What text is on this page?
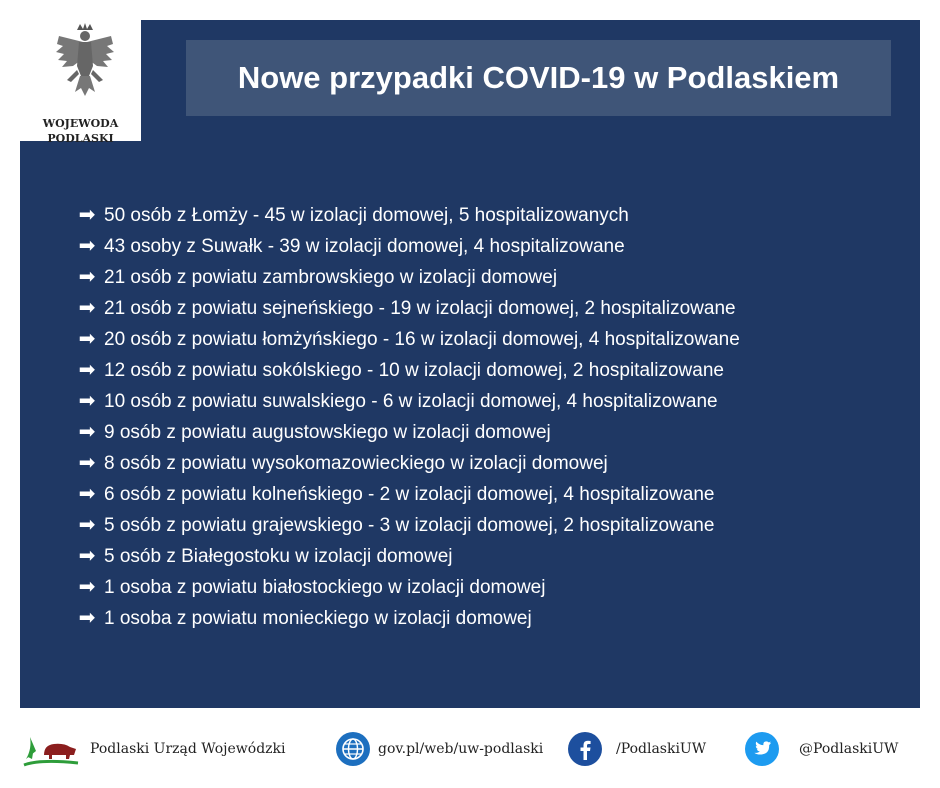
WOJEWODA
PODLASKI
Nowe przypadki COVID-19 w Podlaskiem
➡ 50 osób z Łomży - 45 w izolacji domowej, 5 hospitalizowanych
➡ 43 osoby z Suwałk - 39 w izolacji domowej, 4 hospitalizowane
➡ 21 osób z powiatu zambrowskiego w izolacji domowej
➡ 21 osób z powiatu sejneńskiego - 19 w izolacji domowej, 2 hospitalizowane
➡ 20 osób z powiatu łomżyńskiego - 16 w izolacji domowej, 4 hospitalizowane
➡ 12 osób z powiatu sokólskiego - 10 w izolacji domowej, 2 hospitalizowane
➡ 10 osób z powiatu suwalskiego - 6 w izolacji domowej, 4 hospitalizowane
➡ 9 osób z powiatu augustowskiego w izolacji domowej
➡ 8 osób z powiatu wysokomazowieckiego w izolacji domowej
➡ 6 osób z powiatu kolneńskiego - 2 w izolacji domowej, 4 hospitalizowane
➡ 5 osób z powiatu grajewskiego - 3 w izolacji domowej, 2 hospitalizowane
➡ 5 osób z Białegostoku w izolacji domowej
➡ 1 osoba z powiatu białostockiego w izolacji domowej
➡ 1 osoba z powiatu monieckiego w izolacji domowej
Podlaski Urząd Wojewódzki	gov.pl/web/uw-podlaski	/PodlaskiUW	@PodlaskiUW
